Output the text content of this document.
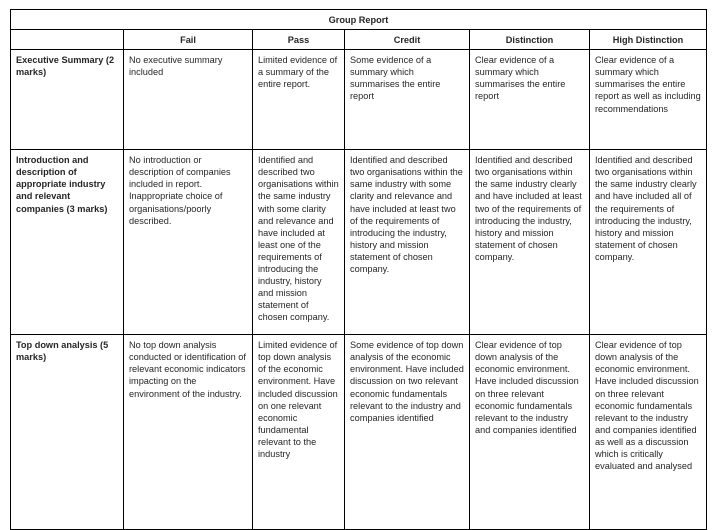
Group Report					
	Fail	Pass	Credit	Distinction	High Distinction
Executive Summary (2 marks)	No executive summary included	Limited evidence of a summary of the entire report.	Some evidence of a summary which summarises the entire report	Clear evidence of a summary which summarises the entire report	Clear evidence of a summary which summarises the entire report as well as including recommendations
Introduction and description of appropriate industry and relevant companies (3 marks)	No introduction or description of companies included in report. Inappropriate choice of organisations/poorly described.	Identified and described two organisations within the same industry with some clarity and relevance and have included at least one of the requirements of introducing the industry, history and mission statement of chosen company.	Identified and described two organisations within the same industry with some clarity and relevance and have included at least two of the requirements of introducing the industry, history and mission statement of chosen company.	Identified and described two organisations within the same industry clearly and have included at least two of the requirements of introducing the industry, history and mission statement of chosen company.	Identified and described two organisations within the same industry clearly and have included all of the requirements of introducing the industry, history and mission statement of chosen company.
Top down analysis (5 marks)	No top down analysis conducted or identification of relevant economic indicators impacting on the environment of the industry.	Limited evidence of top down analysis of the economic environment. Have included discussion on one relevant economic fundamental relevant to the industry	Some evidence of top down analysis of the economic environment. Have included discussion on two relevant economic fundamentals relevant to the industry and companies identified	Clear evidence of top down analysis of the economic environment. Have included discussion on three relevant economic fundamentals relevant to the industry and companies identified	Clear evidence of top down analysis of the economic environment. Have included discussion on three relevant economic fundamentals relevant to the industry and companies identified as well as a discussion which is critically evaluated and analysed
